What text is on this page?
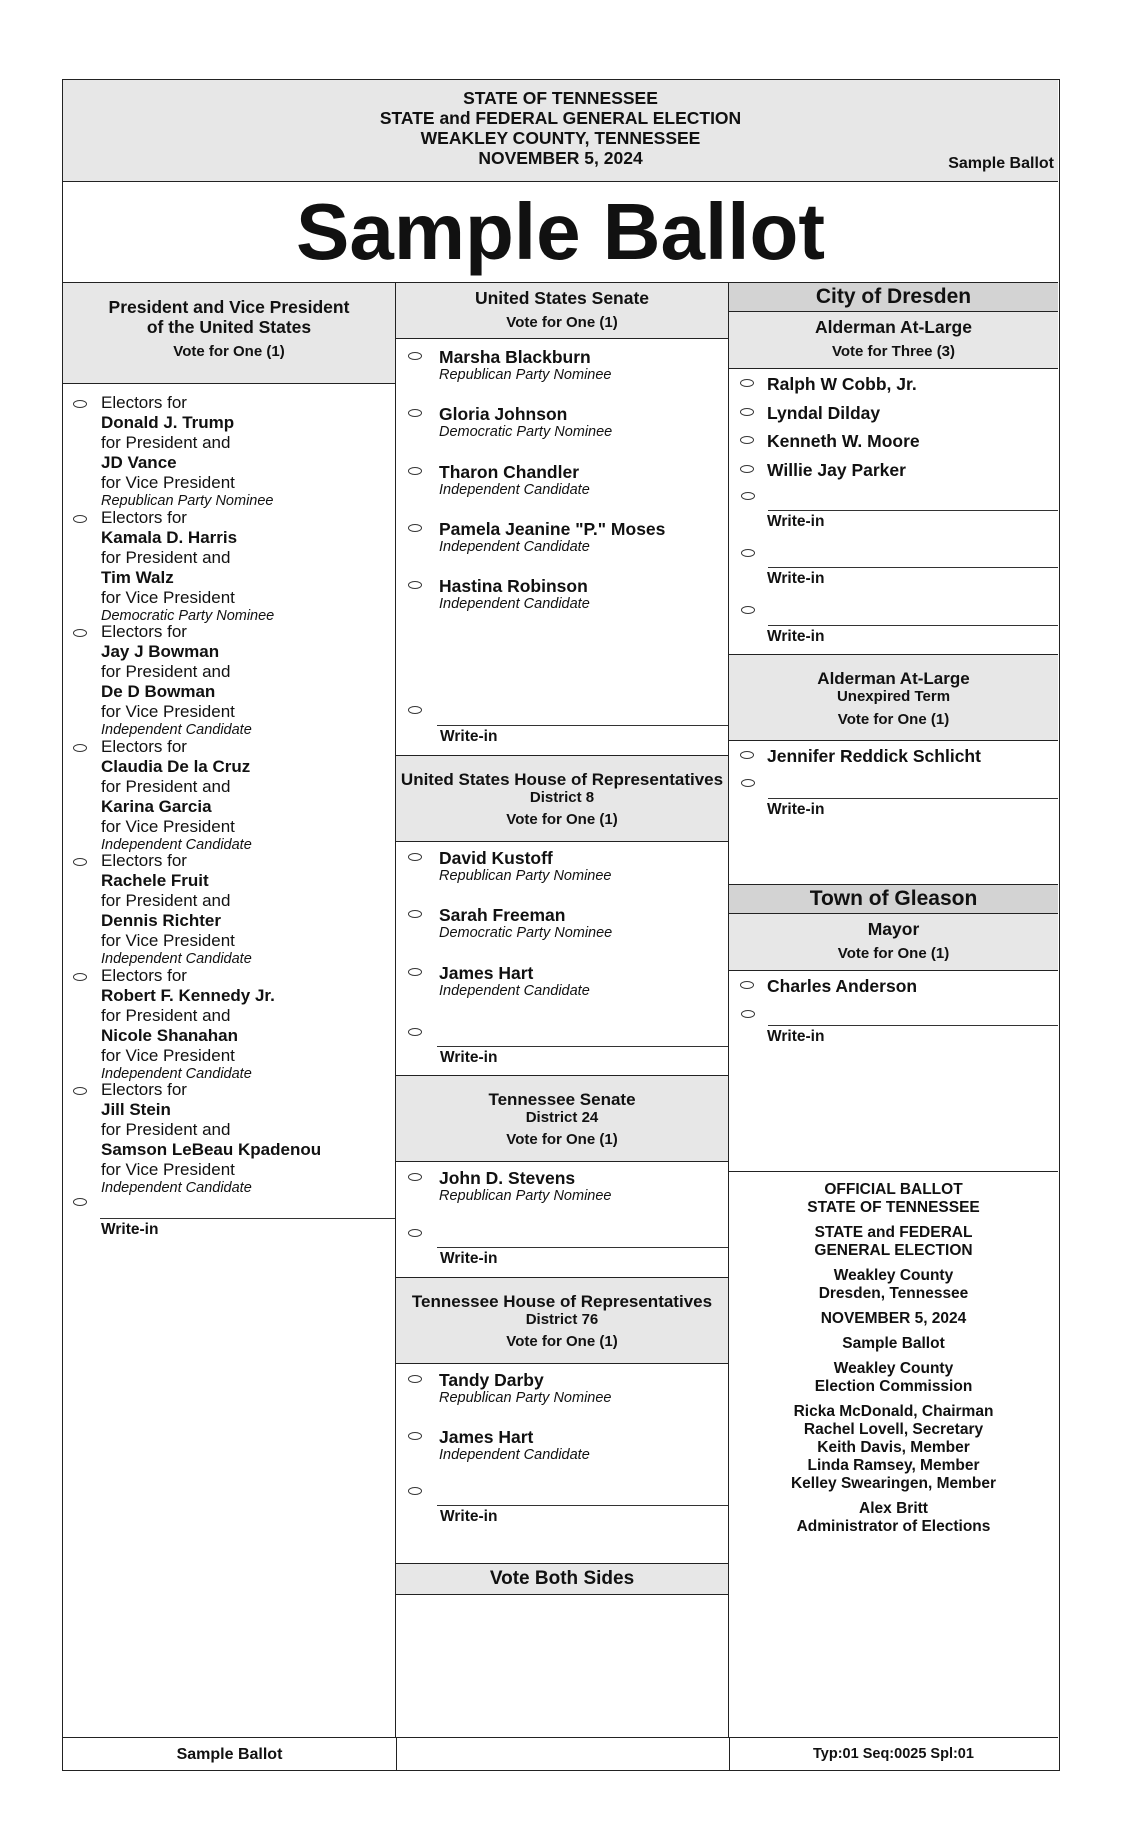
STATE OF TENNESSEE
STATE and FEDERAL GENERAL ELECTION
WEAKLEY COUNTY, TENNESSEE
NOVEMBER 5, 2024	Sample Ballot
Sample Ballot
President and Vice President
of the United States
Vote for One (1)
Electors for
Donald J. Trump
for President and
JD Vance
for Vice President
Republican Party Nominee
Electors for
Kamala D. Harris
for President and
Tim Walz
for Vice President
Democratic Party Nominee
Electors for
Jay J Bowman
for President and
De D Bowman
for Vice President
Independent Candidate
Electors for
Claudia De la Cruz
for President and
Karina Garcia
for Vice President
Independent Candidate
Electors for
Rachele Fruit
for President and
Dennis Richter
for Vice President
Independent Candidate
Electors for
Robert F. Kennedy Jr.
for President and
Nicole Shanahan
for Vice President
Independent Candidate
Electors for
Jill Stein
for President and
Samson LeBeau Kpadenou
for Vice President
Independent Candidate
Write-in
United States Senate
Vote for One (1)
Marsha Blackburn
Republican Party Nominee
Gloria Johnson
Democratic Party Nominee
Tharon Chandler
Independent Candidate
Pamela Jeanine "P." Moses
Independent Candidate
Hastina Robinson
Independent Candidate
Write-in
United States House of Representatives
District 8
Vote for One (1)
David Kustoff
Republican Party Nominee
Sarah Freeman
Democratic Party Nominee
James Hart
Independent Candidate
Write-in
Tennessee Senate
District 24
Vote for One (1)
John D. Stevens
Republican Party Nominee
Write-in
Tennessee House of Representatives
District 76
Vote for One (1)
Tandy Darby
Republican Party Nominee
James Hart
Independent Candidate
Write-in
Vote Both Sides
City of Dresden
Alderman At-Large
Vote for Three (3)
Ralph W Cobb, Jr.
Lyndal Dilday
Kenneth W. Moore
Willie Jay Parker
Write-in
Write-in
Write-in
Alderman At-Large
Unexpired Term
Vote for One (1)
Jennifer Reddick Schlicht
Write-in
Town of Gleason
Mayor
Vote for One (1)
Charles Anderson
Write-in
OFFICIAL BALLOT
STATE OF TENNESSEE
STATE and FEDERAL
GENERAL ELECTION
Weakley County
Dresden, Tennessee
NOVEMBER 5, 2024
Sample Ballot
Weakley County
Election Commission
Ricka McDonald, Chairman
Rachel Lovell, Secretary
Keith Davis, Member
Linda Ramsey, Member
Kelley Swearingen, Member
Alex Britt
Administrator of Elections
Sample Ballot	Typ:01 Seq:0025 Spl:01
